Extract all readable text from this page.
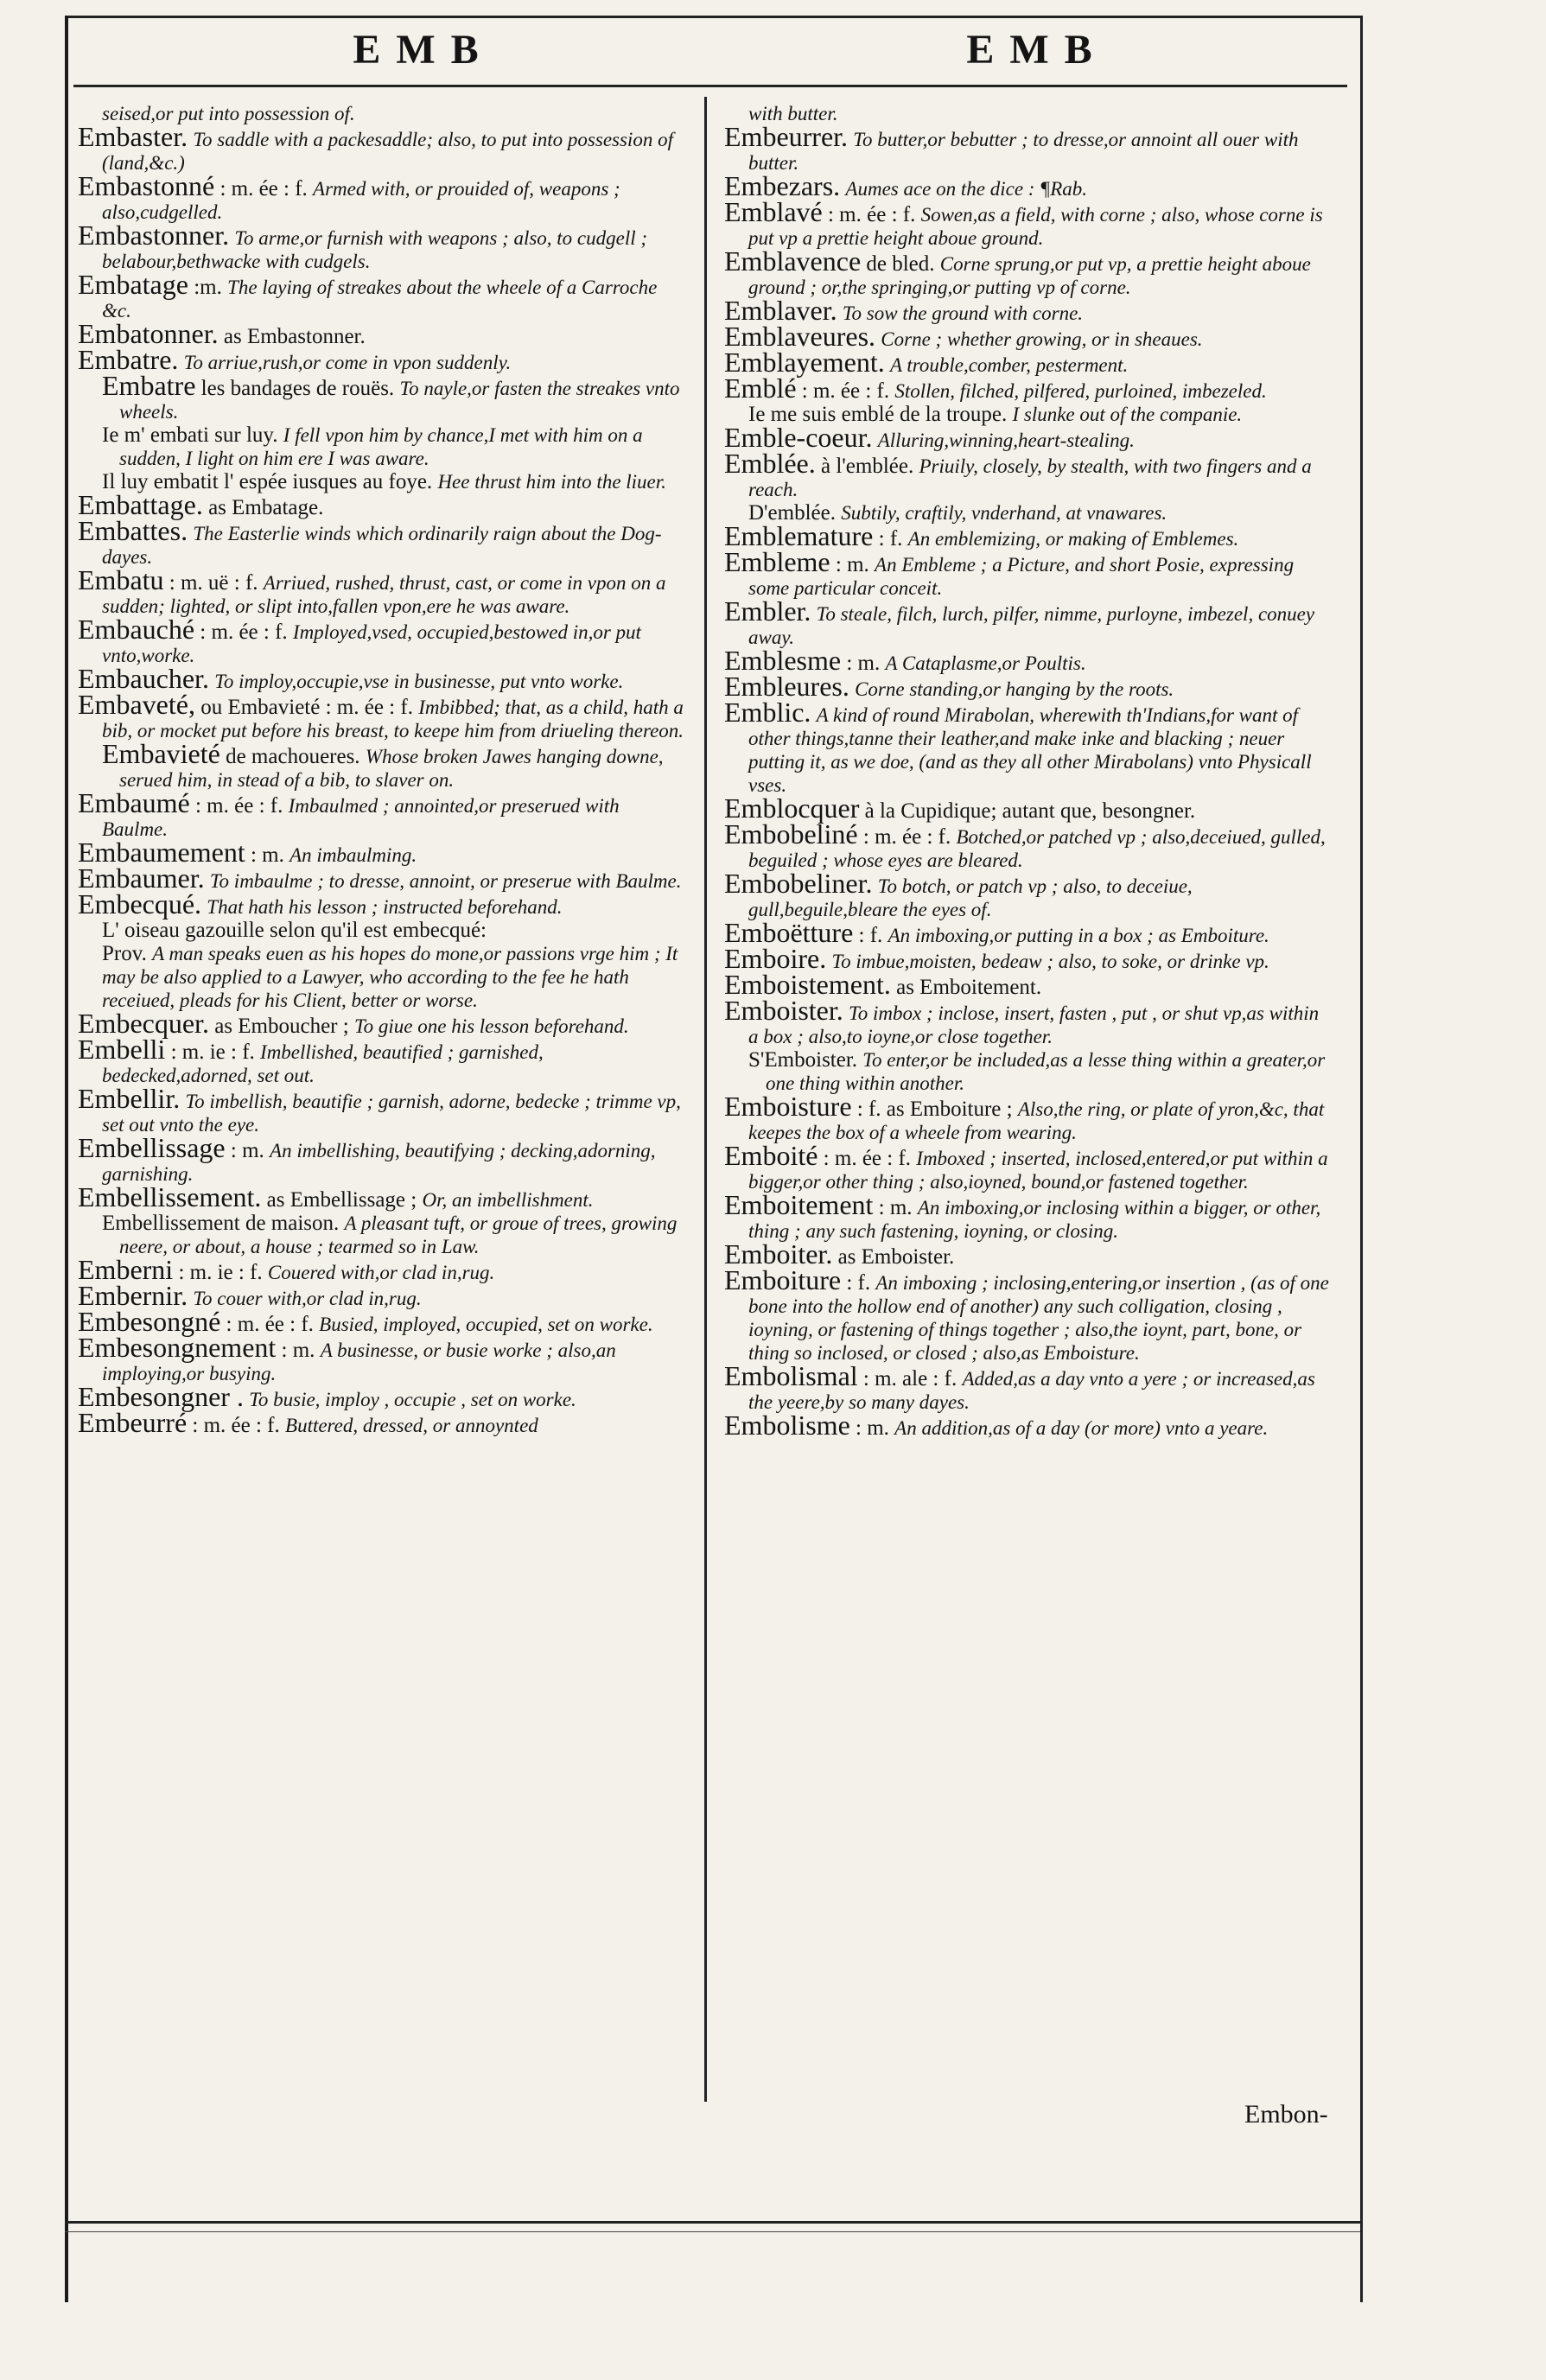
EMB	EMB

seised,or put into possession of.

Embaster. To saddle with a packesaddle; also, to put into possession of (land,&c.)

Embastonné : m. ée : f. Armed with, or prouided of, weapons ; also,cudgelled.

Embastonner. To arme,or furnish with weapons ; also, to cudgell ; belabour,bethwacke with cudgels.

Embatage :m. The laying of streakes about the wheele of a Carroche &c.

Embatonner. as Embastonner.

Embatre. To arriue,rush,or come in vpon suddenly.

Embatre les bandages de rouës. To nayle,or fasten the streakes vnto wheels.

Ie m' embati sur luy. I fell vpon him by chance,I met with him on a sudden, I light on him ere I was aware.

Il luy embatit l' espée iusques au foye. Hee thrust him into the liuer.

Embattage. as Embatage.

Embattes. The Easterlie winds which ordinarily raign about the Dog-dayes.

Embatu : m. uë : f. Arriued, rushed, thrust, cast, or come in vpon on a sudden; lighted, or slipt into,fallen vpon,ere he was aware.

Embauché : m. ée : f. Imployed,vsed, occupied,bestowed in,or put vnto,worke.

Embaucher. To imploy,occupie,vse in businesse, put vnto worke.

Embaveté, ou Embavieté : m. ée : f. Imbibbed; that, as a child, hath a bib, or mocket put before his breast, to keepe him from driueling thereon.

Embavieté de machoueres. Whose broken Jawes hanging downe, serued him, in stead of a bib, to slaver on.

Embaumé : m. ée : f. Imbaulmed ; annointed,or preserued with Baulme.

Embaumement : m. An imbaulming.

Embaumer. To imbaulme ; to dresse, annoint, or preserue with Baulme.

Embecqué. That hath his lesson ; instructed beforehand.

L' oiseau gazouille selon qu'il est embecqué:

Prov. A man speaks euen as his hopes do mone,or passions vrge him ; It may be also applied to a Lawyer, who according to the fee he hath receiued, pleads for his Client, better or worse.

Embecquer. as Emboucher ; To giue one his lesson beforehand.

Embelli : m. ie : f. Imbellished, beautified ; garnished, bedecked,adorned, set out.

Embellir. To imbellish, beautifie ; garnish, adorne, bedecke ; trimme vp, set out vnto the eye.

Embellissage : m. An imbellishing, beautifying ; decking,adorning, garnishing.

Embellissement. as Embellissage ; Or, an imbellishment.

Embellissement de maison. A pleasant tuft, or groue of trees, growing neere, or about, a house ; tearmed so in Law.

Emberni : m. ie : f. Couered with,or clad in,rug.

Embernir. To couer with,or clad in,rug.

Embesongné : m. ée : f. Busied, imployed, occupied, set on worke.

Embesongnement : m. A businesse, or busie worke ; also,an imploying,or busying.

Embesongner . To busie, imploy , occupie , set on worke.

Embeurré : m. ée : f. Buttered, dressed, or annoynted

with butter.

Embeurrer. To butter,or bebutter ; to dresse,or annoint all ouer with butter.

Embezars. Aumes ace on the dice : ¶Rab.

Emblavé : m. ée : f. Sowen,as a field, with corne ; also, whose corne is put vp a prettie height aboue ground.

Emblavence de bled. Corne sprung,or put vp, a prettie height aboue ground ; or,the springing,or putting vp of corne.

Emblaver. To sow the ground with corne.

Emblaveures. Corne ; whether growing, or in sheaues.

Emblayement. A trouble,comber, pesterment.

Emblé : m. ée : f. Stollen, filched, pilfered, purloined, imbezeled.

Ie me suis emblé de la troupe. I slunke out of the companie.

Emble-coeur. Alluring,winning,heart-stealing.

Emblée. à l'emblée. Priuily, closely, by stealth, with two fingers and a reach.

D'emblée. Subtily, craftily, vnderhand, at vnawares.

Emblemature : f. An emblemizing, or making of Emblemes.

Embleme : m. An Embleme ; a Picture, and short Posie, expressing some particular conceit.

Embler. To steale, filch, lurch, pilfer, nimme, purloyne, imbezel, conuey away.

Emblesme : m. A Cataplasme,or Poultis.

Embleures. Corne standing,or hanging by the roots.

Emblic. A kind of round Mirabolan, wherewith th'Indians,for want of other things,tanne their leather,and make inke and blacking ; neuer putting it, as we doe, (and as they all other Mirabolans) vnto Physicall vses.

Emblocquer à la Cupidique; autant que, besongner.

Embobeliné : m. ée : f. Botched,or patched vp ; also,deceiued, gulled, beguiled ; whose eyes are bleared.

Embobeliner. To botch, or patch vp ; also, to deceiue, gull,beguile,bleare the eyes of.

Emboëtture : f. An imboxing,or putting in a box ; as Emboiture.

Emboire. To imbue,moisten, bedeaw ; also, to soke, or drinke vp.

Emboistement. as Emboitement.

Emboister. To imbox ; inclose, insert, fasten , put , or shut vp,as within a box ; also,to ioyne,or close together.

S'Emboister. To enter,or be included,as a lesse thing within a greater,or one thing within another.

Emboisture : f. as Emboiture ; Also,the ring, or plate of yron,&c, that keepes the box of a wheele from wearing.

Emboité : m. ée : f. Imboxed ; inserted, inclosed,entered,or put within a bigger,or other thing ; also,ioyned, bound,or fastened together.

Emboitement : m. An imboxing,or inclosing within a bigger, or other, thing ; any such fastening, ioyning, or closing.

Emboiter. as Emboister.

Emboiture : f. An imboxing ; inclosing,entering,or insertion , (as of one bone into the hollow end of another) any such colligation, closing , ioyning, or fastening of things together ; also,the ioynt, part, bone, or thing so inclosed, or closed ; also,as Emboisture.

Embolismal : m. ale : f. Added,as a day vnto a yere ; or increased,as the yeere,by so many dayes.

Embolisme : m. An addition,as of a day (or more) vnto a yeare.

Embon-
